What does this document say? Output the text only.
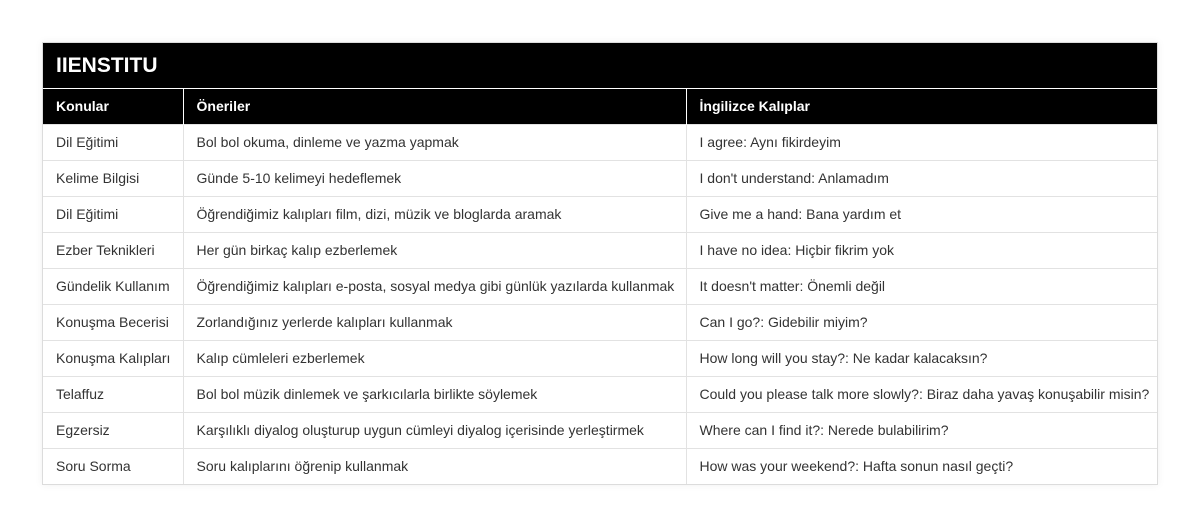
IIENSTITU
Konular	Öneriler	İngilizce Kalıplar
Dil Eğitimi	Bol bol okuma, dinleme ve yazma yapmak	I agree: Aynı fikirdeyim
Kelime Bilgisi	Günde 5-10 kelimeyi hedeflemek	I don't understand: Anlamadım
Dil Eğitimi	Öğrendiğimiz kalıpları film, dizi, müzik ve bloglarda aramak	Give me a hand: Bana yardım et
Ezber Teknikleri	Her gün birkaç kalıp ezberlemek	I have no idea: Hiçbir fikrim yok
Gündelik Kullanım	Öğrendiğimiz kalıpları e-posta, sosyal medya gibi günlük yazılarda kullanmak	It doesn't matter: Önemli değil
Konuşma Becerisi	Zorlandığınız yerlerde kalıpları kullanmak	Can I go?: Gidebilir miyim?
Konuşma Kalıpları	Kalıp cümleleri ezberlemek	How long will you stay?: Ne kadar kalacaksın?
Telaffuz	Bol bol müzik dinlemek ve şarkıcılarla birlikte söylemek	Could you please talk more slowly?: Biraz daha yavaş konuşabilir misin?
Egzersiz	Karşılıklı diyalog oluşturup uygun cümleyi diyalog içerisinde yerleştirmek	Where can I find it?: Nerede bulabilirim?
Soru Sorma	Soru kalıplarını öğrenip kullanmak	How was your weekend?: Hafta sonun nasıl geçti?
